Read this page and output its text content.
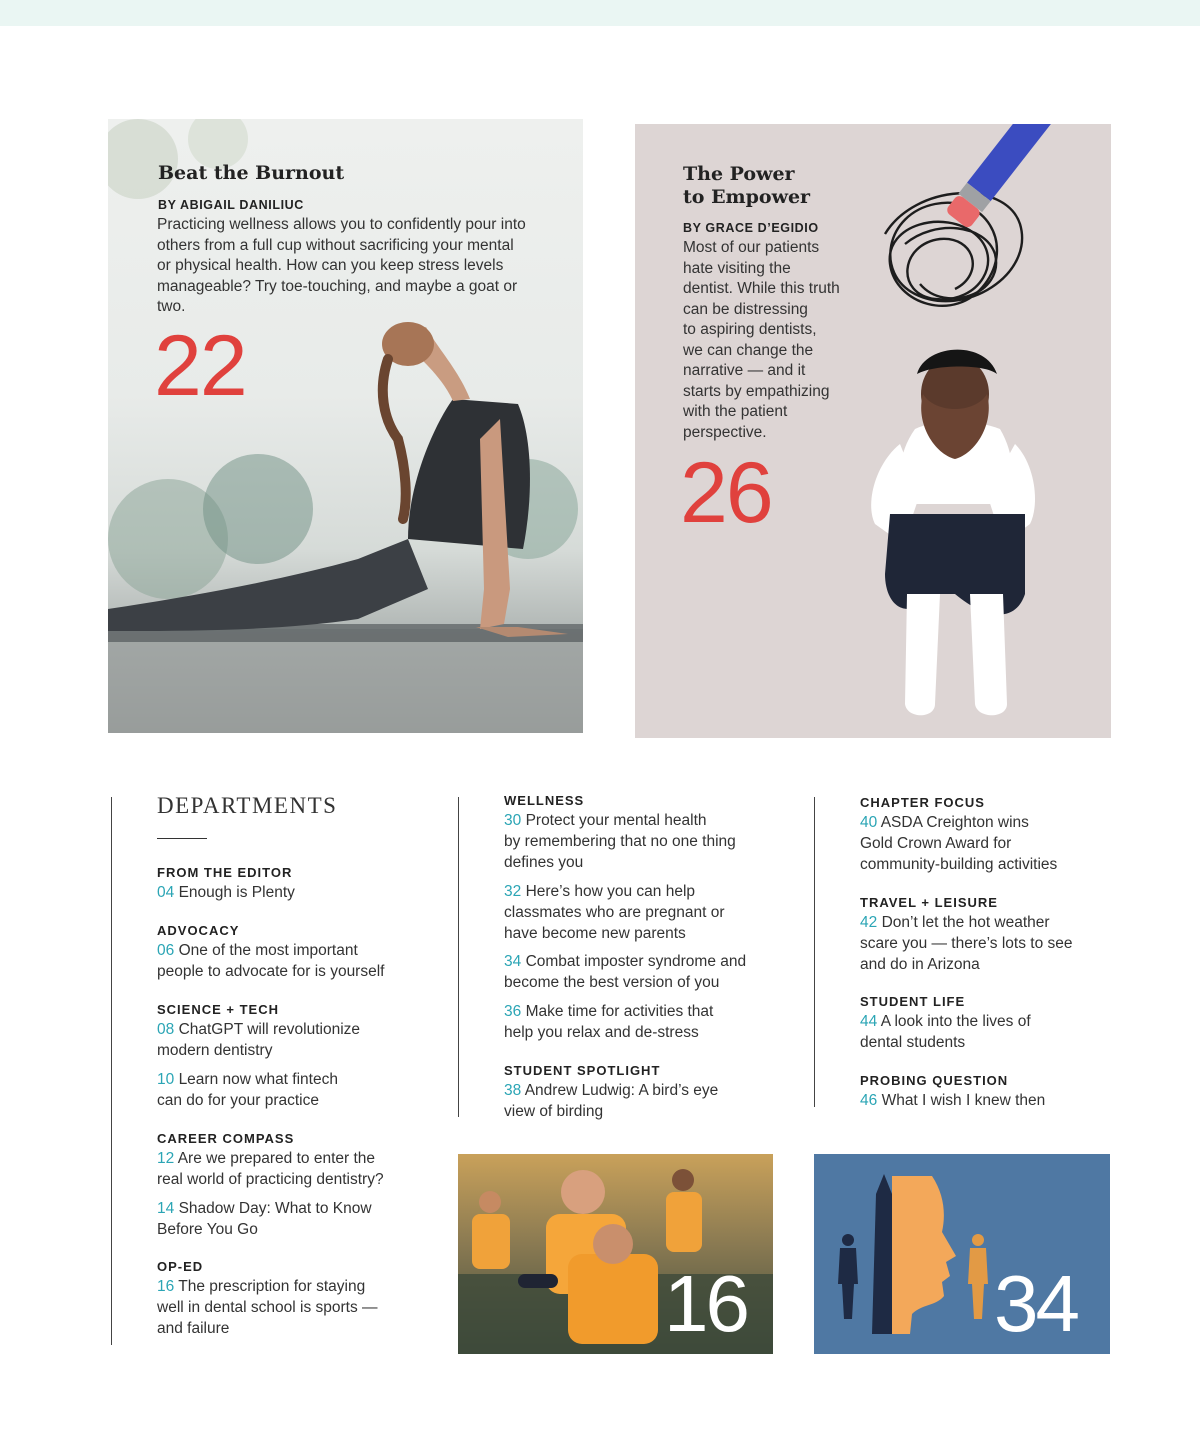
Beat the Burnout

BY ABIGAIL DANILIUC

Practicing wellness allows you to confidently pour into others from a full cup without sacrificing your mental or physical health. How can you keep stress levels manageable? Try toe-touching, and maybe a goat or two.

22

The Power

to Empower

BY GRACE D’EGIDIO

Most of our patients

hate visiting the

dentist. While this truth

can be distressing

to aspiring dentists,

we can change the

narrative — and it

starts by empathizing

with the patient

perspective.

26

DEPARTMENTS

FROM THE EDITOR

04 Enough is Plenty

ADVOCACY

06 One of the most important
people to advocate for is yourself

SCIENCE + TECH

08 ChatGPT will revolutionize
modern dentistry

10 Learn now what fintech
can do for your practice

CAREER COMPASS

12 Are we prepared to enter the
real world of practicing dentistry?

14 Shadow Day: What to Know
Before You Go

OP-ED

16 The prescription for staying
well in dental school is sports —
and failure

WELLNESS

30 Protect your mental health
by remembering that no one thing
defines you

32 Here’s how you can help
classmates who are pregnant or
have become new parents

34 Combat imposter syndrome and
become the best version of you

36 Make time for activities that
help you relax and de-stress

STUDENT SPOTLIGHT

38 Andrew Ludwig: A bird’s eye
view of birding

CHAPTER FOCUS

40 ASDA Creighton wins
Gold Crown Award for
community-building activities

TRAVEL + LEISURE

42 Don’t let the hot weather
scare you — there’s lots to see
and do in Arizona

STUDENT LIFE

44 A look into the lives of
dental students

PROBING QUESTION

46 What I wish I knew then

16	34
